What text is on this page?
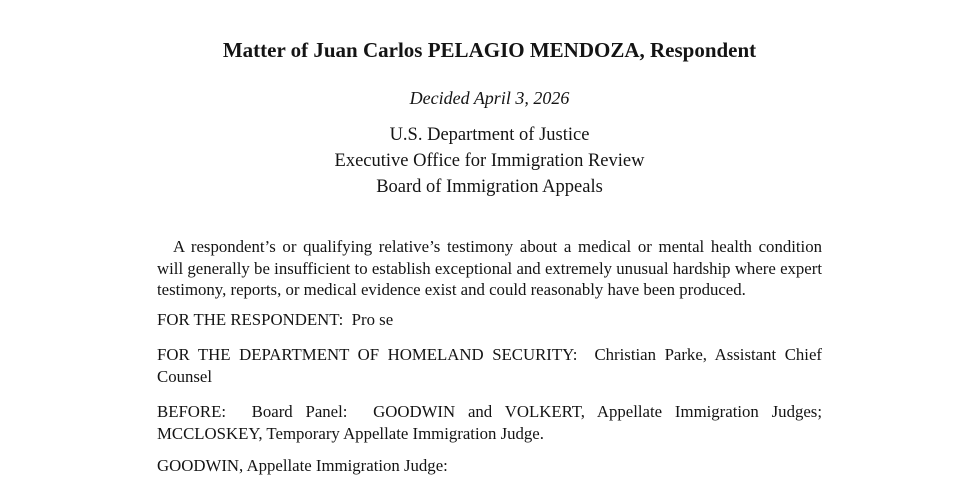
Matter of Juan Carlos PELAGIO MENDOZA, Respondent

Decided April 3, 2026

U.S. Department of Justice

Executive Office for Immigration Review

Board of Immigration Appeals

A respondent’s or qualifying relative’s testimony about a medical or mental health condition will generally be insufficient to establish exceptional and extremely unusual hardship where expert testimony, reports, or medical evidence exist and could reasonably have been produced.

FOR THE RESPONDENT:  Pro se

FOR THE DEPARTMENT OF HOMELAND SECURITY:  Christian Parke, Assistant Chief Counsel

BEFORE:  Board Panel:  GOODWIN and VOLKERT, Appellate Immigration Judges; MCCLOSKEY, Temporary Appellate Immigration Judge.

GOODWIN, Appellate Immigration Judge:
